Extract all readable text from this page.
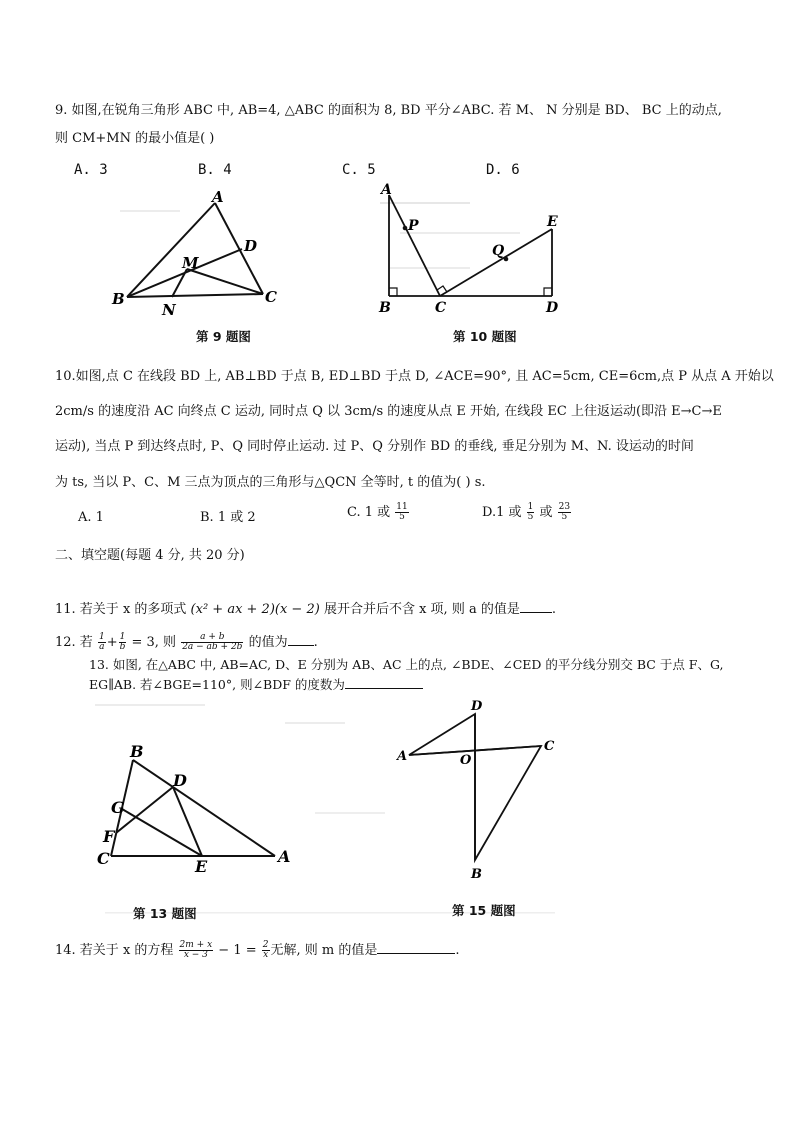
9. 如图,在锐角三角形 ABC 中, AB=4, △ABC 的面积为 8, BD 平分∠ABC. 若 M、 N 分别是 BD、 BC 上的动点,
则 CM+MN 的最小值是( )
A. 3	B. 4	C. 5	D. 6
A
D
M
B
N
C
A
P	E
Q
B	C	D
第 9 题图	第 10 题图
10.如图,点 C 在线段 BD 上, AB⊥BD 于点 B, ED⊥BD 于点 D, ∠ACE=90°, 且 AC=5cm, CE=6cm,点 P 从点 A 开始以
2cm/s 的速度沿 AC 向终点 C 运动, 同时点 Q 以 3cm/s 的速度从点 E 开始, 在线段 EC 上往返运动(即沿 E→C→E
运动), 当点 P 到达终点时, P、Q 同时停止运动. 过 P、Q 分别作 BD 的垂线, 垂足分别为 M、N. 设运动的时间
为 ts, 当以 P、C、M 三点为顶点的三角形与△QCN 全等时, t 的值为( ) s.
A. 1	B. 1 或 2	C. 1 或 $\frac{11}{5}$	D.1 或 $\frac{1}{5}$ 或 $\frac{23}{5}$
二、填空题(每题 4 分, 共 20 分)
11. 若关于 x 的多项式 (x² + ax + 2)(x − 2) 展开合并后不含 x 项, 则 a 的值是 .
12. 若 $\frac{1}{a} + \frac{1}{b} = 3$, 则 $\frac{a + b}{2a - ab + 2b}$ 的值为 .
13. 如图, 在△ABC 中, AB=AC, D、E 分别为 AB、AC 上的点, ∠BDE、∠CED 的平分线分别交 BC 于点 F、G,
EG∥AB. 若∠BGE=110°, 则∠BDF 的度数为
B
D
G
F
C	E
A
D
A	O
C
B
第 13 题图	第 15 题图
14. 若关于 x 的方程 $\frac{2m + x}{x - 3} - 1 = \frac{2}{x}$ 无解, 则 m 的值是	.
